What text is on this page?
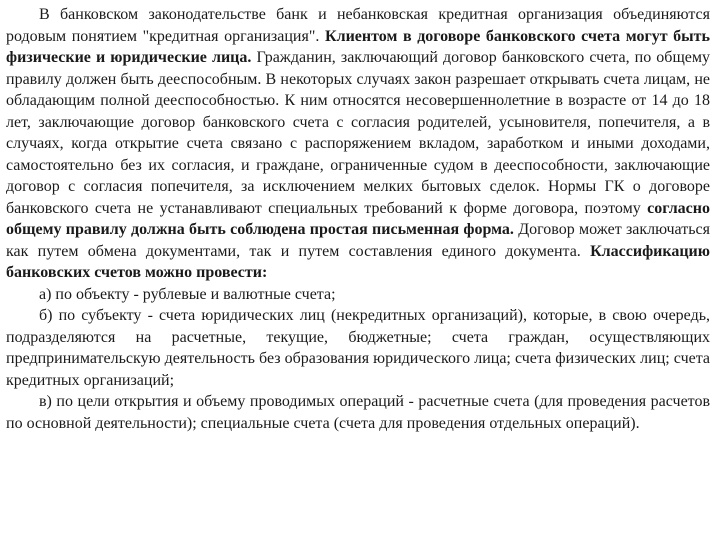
В банковском законодательстве банк и небанковская кредитная организация объединяются родовым понятием "кредитная организация". Клиентом в договоре банковского счета могут быть физические и юридические лица. Гражданин, заключающий договор банковского счета, по общему правилу должен быть дееспособным. В некоторых случаях закон разрешает открывать счета лицам, не обладающим полной дееспособностью. К ним относятся несовершеннолетние в возрасте от 14 до 18 лет, заключающие договор банковского счета с согласия родителей, усыновителя, попечителя, а в случаях, когда открытие счета связано с распоряжением вкладом, заработком и иными доходами, самостоятельно без их согласия, и граждане, ограниченные судом в дееспособности, заключающие договор с согласия попечителя, за исключением мелких бытовых сделок. Нормы ГК о договоре банковского счета не устанавливают специальных требований к форме договора, поэтому согласно общему правилу должна быть соблюдена простая письменная форма. Договор может заключаться как путем обмена документами, так и путем составления единого документа. Классификацию банковских счетов можно провести:

а) по объекту - рублевые и валютные счета;

б) по субъекту - счета юридических лиц (некредитных организаций), которые, в свою очередь, подразделяются на расчетные, текущие, бюджетные; счета граждан, осуществляющих предпринимательскую деятельность без образования юридического лица; счета физических лиц; счета кредитных организаций;

в) по цели открытия и объему проводимых операций - расчетные счета (для проведения расчетов по основной деятельности); специальные счета (счета для проведения отдельных операций).
